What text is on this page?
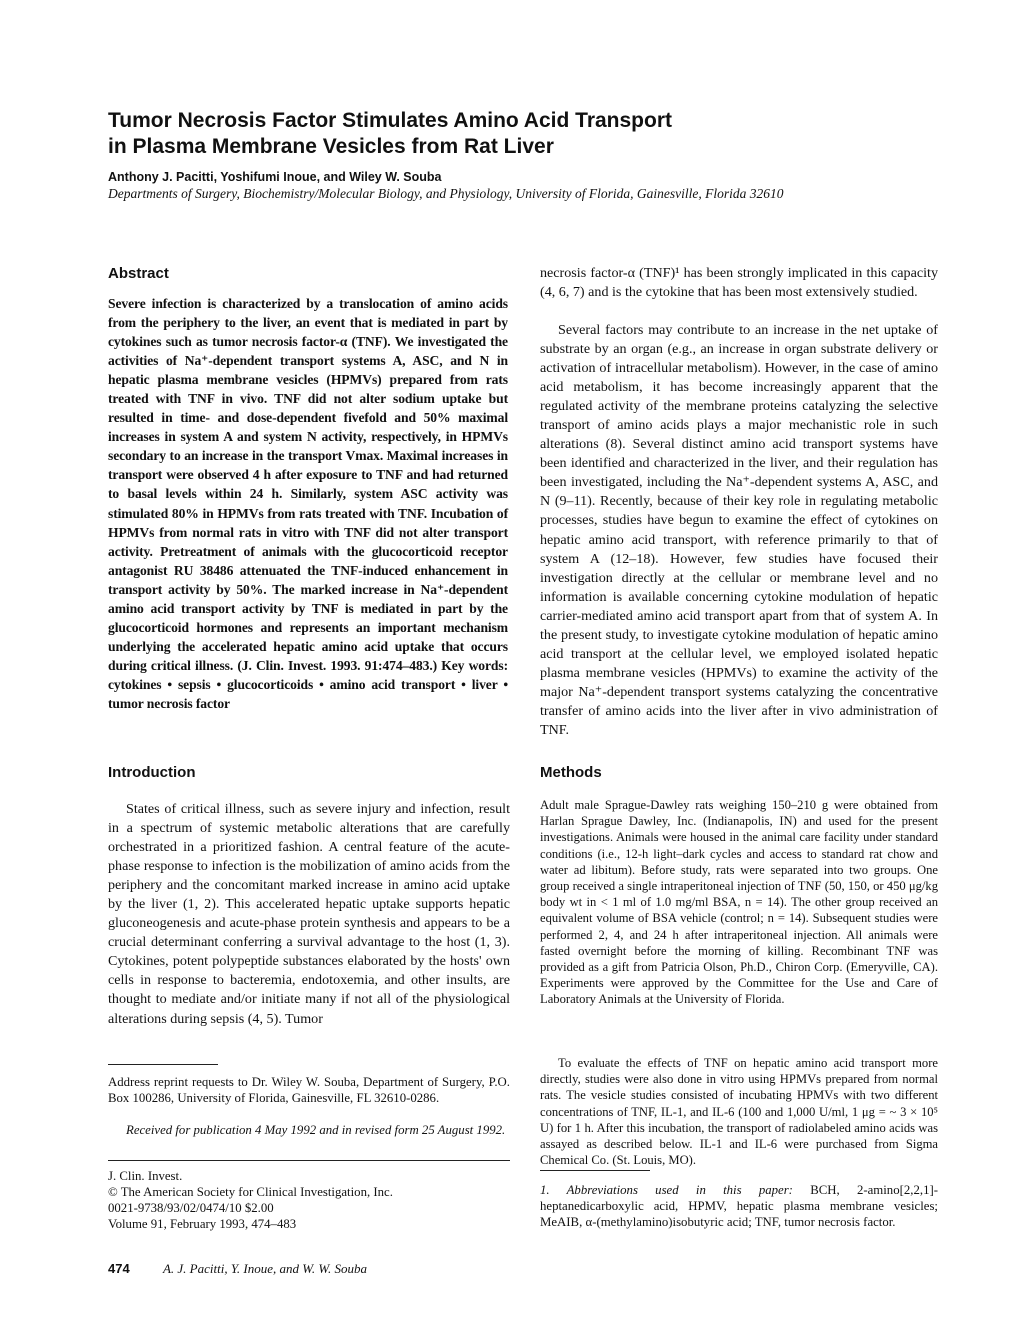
Tumor Necrosis Factor Stimulates Amino Acid Transport
in Plasma Membrane Vesicles from Rat Liver
Anthony J. Pacitti, Yoshifumi Inoue, and Wiley W. Souba
Departments of Surgery, Biochemistry/Molecular Biology, and Physiology, University of Florida, Gainesville, Florida 32610
Abstract

Severe infection is characterized by a translocation of amino acids from the periphery to the liver, an event that is mediated in part by cytokines such as tumor necrosis factor-α (TNF). We investigated the activities of Na⁺-dependent transport systems A, ASC, and N in hepatic plasma membrane vesicles (HPMVs) prepared from rats treated with TNF in vivo. TNF did not alter sodium uptake but resulted in time- and dose-dependent fivefold and 50% maximal increases in system A and system N activity, respectively, in HPMVs secondary to an increase in the transport Vmax. Maximal increases in transport were observed 4 h after exposure to TNF and had returned to basal levels within 24 h. Similarly, system ASC activity was stimulated 80% in HPMVs from rats treated with TNF. Incubation of HPMVs from normal rats in vitro with TNF did not alter transport activity. Pretreatment of animals with the glucocorticoid receptor antagonist RU 38486 attenuated the TNF-induced enhancement in transport activity by 50%. The marked increase in Na⁺-dependent amino acid transport activity by TNF is mediated in part by the glucocorticoid hormones and represents an important mechanism underlying the accelerated hepatic amino acid uptake that occurs during critical illness. (J. Clin. Invest. 1993. 91:474–483.) Key words: cytokines • sepsis • glucocorticoids • amino acid transport • liver • tumor necrosis factor

Introduction

States of critical illness, such as severe injury and infection, result in a spectrum of systemic metabolic alterations that are carefully orchestrated in a prioritized fashion. A central feature of the acute-phase response to infection is the mobilization of amino acids from the periphery and the concomitant marked increase in amino acid uptake by the liver (1, 2). This accelerated hepatic uptake supports hepatic gluconeogenesis and acute-phase protein synthesis and appears to be a crucial determinant conferring a survival advantage to the host (1, 3). Cytokines, potent polypeptide substances elaborated by the hosts' own cells in response to bacteremia, endotoxemia, and other insults, are thought to mediate and/or initiate many if not all of the physiological alterations during sepsis (4, 5). Tumor

Address reprint requests to Dr. Wiley W. Souba, Department of Surgery, P.O. Box 100286, University of Florida, Gainesville, FL 32610-0286.

Received for publication 4 May 1992 and in revised form 25 August 1992.

J. Clin. Invest.

© The American Society for Clinical Investigation, Inc.

0021-9738/93/02/0474/10 $2.00

Volume 91, February 1993, 474–483

necrosis factor-α (TNF)¹ has been strongly implicated in this capacity (4, 6, 7) and is the cytokine that has been most extensively studied.

Several factors may contribute to an increase in the net uptake of substrate by an organ (e.g., an increase in organ substrate delivery or activation of intracellular metabolism). However, in the case of amino acid metabolism, it has become increasingly apparent that the regulated activity of the membrane proteins catalyzing the selective transport of amino acids plays a major mechanistic role in such alterations (8). Several distinct amino acid transport systems have been identified and characterized in the liver, and their regulation has been investigated, including the Na⁺-dependent systems A, ASC, and N (9–11). Recently, because of their key role in regulating metabolic processes, studies have begun to examine the effect of cytokines on hepatic amino acid transport, with reference primarily to that of system A (12–18). However, few studies have focused their investigation directly at the cellular or membrane level and no information is available concerning cytokine modulation of hepatic carrier-mediated amino acid transport apart from that of system A. In the present study, to investigate cytokine modulation of hepatic amino acid transport at the cellular level, we employed isolated hepatic plasma membrane vesicles (HPMVs) to examine the activity of the major Na⁺-dependent transport systems catalyzing the concentrative transfer of amino acids into the liver after in vivo administration of TNF.

Methods

Adult male Sprague-Dawley rats weighing 150–210 g were obtained from Harlan Sprague Dawley, Inc. (Indianapolis, IN) and used for the present investigations. Animals were housed in the animal care facility under standard conditions (i.e., 12-h light–dark cycles and access to standard rat chow and water ad libitum). Before study, rats were separated into two groups. One group received a single intraperitoneal injection of TNF (50, 150, or 450 μg/kg body wt in < 1 ml of 1.0 mg/ml BSA, n = 14). The other group received an equivalent volume of BSA vehicle (control; n = 14). Subsequent studies were performed 2, 4, and 24 h after intraperitoneal injection. All animals were fasted overnight before the morning of killing. Recombinant TNF was provided as a gift from Patricia Olson, Ph.D., Chiron Corp. (Emeryville, CA). Experiments were approved by the Committee for the Use and Care of Laboratory Animals at the University of Florida.

To evaluate the effects of TNF on hepatic amino acid transport more directly, studies were also done in vitro using HPMVs prepared from normal rats. The vesicle studies consisted of incubating HPMVs with two different concentrations of TNF, IL-1, and IL-6 (100 and 1,000 U/ml, 1 μg = ~ 3 × 10⁵ U) for 1 h. After this incubation, the transport of radiolabeled amino acids was assayed as described below. IL-1 and IL-6 were purchased from Sigma Chemical Co. (St. Louis, MO).

1. Abbreviations used in this paper: BCH, 2-amino[2,2,1]-heptanedicarboxylic acid, HPMV, hepatic plasma membrane vesicles; MeAIB, α-(methylamino)isobutyric acid; TNF, tumor necrosis factor.

474	A. J. Pacitti, Y. Inoue, and W. W. Souba
